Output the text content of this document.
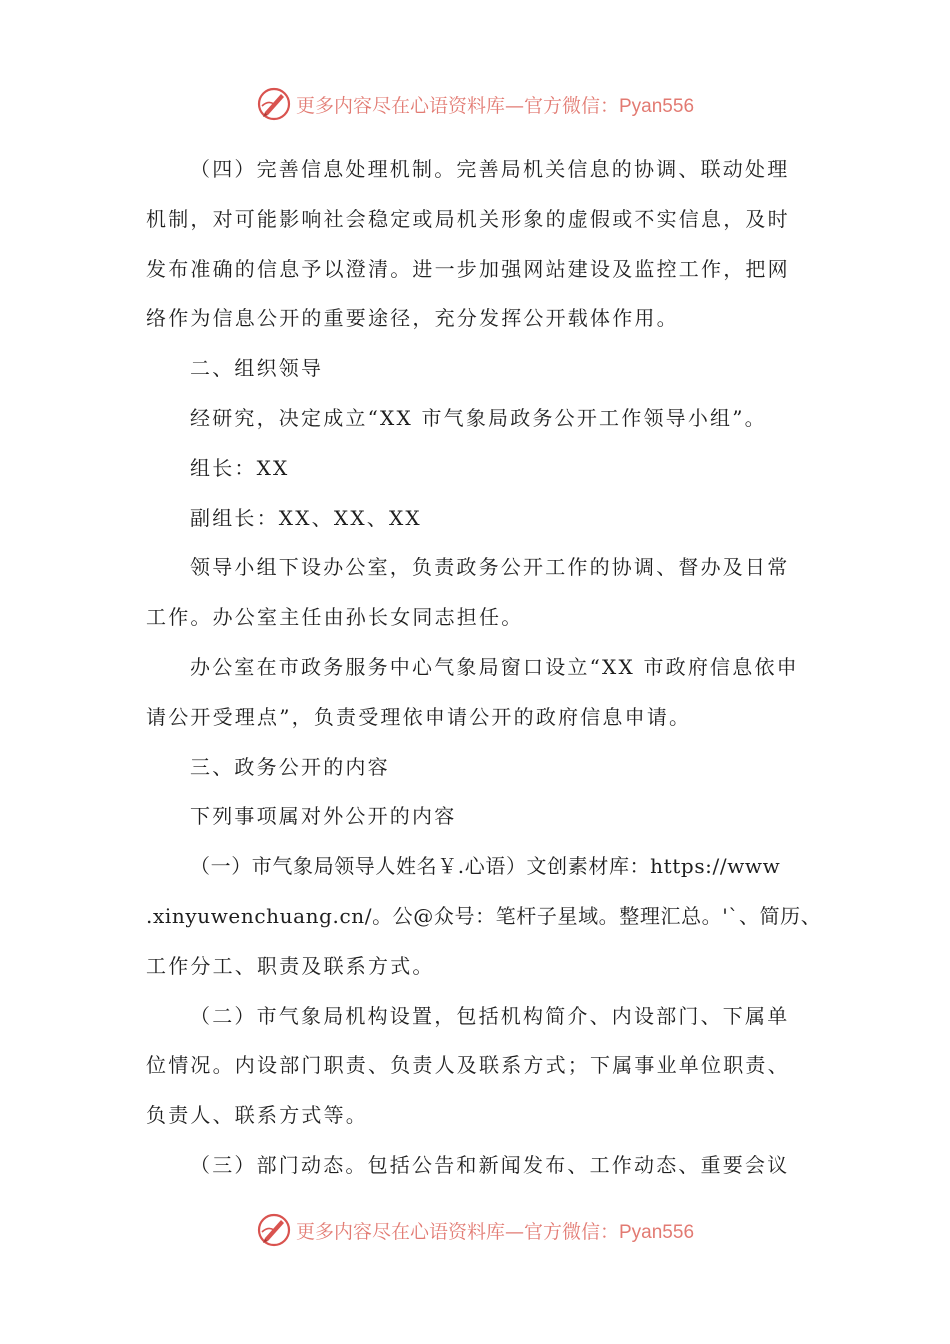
更多内容尽在心语资料库—官方微信：Pyan556
（四）完善信息处理机制。完善局机关信息的协调、联动处理
机制，对可能影响社会稳定或局机关形象的虚假或不实信息，及时
发布准确的信息予以澄清。进一步加强网站建设及监控工作，把网
络作为信息公开的重要途径，充分发挥公开载体作用。
二、组织领导
经研究，决定成立“XX 市气象局政务公开工作领导小组”。
组长：XX
副组长：XX、XX、XX
领导小组下设办公室，负责政务公开工作的协调、督办及日常
工作。办公室主任由孙长女同志担任。
办公室在市政务服务中心气象局窗口设立“XX 市政府信息依申
请公开受理点”，负责受理依申请公开的政府信息申请。
三、政务公开的内容
下列事项属对外公开的内容
（一）市气象局领导人姓名￥.心语）文创素材库：https://www
.xinyuwenchuang.cn/。公@众号：笔杆子星域。整理汇总。'`、简历、
工作分工、职责及联系方式。
（二）市气象局机构设置，包括机构简介、内设部门、下属单
位情况。内设部门职责、负责人及联系方式；下属事业单位职责、
负责人、联系方式等。
（三）部门动态。包括公告和新闻发布、工作动态、重要会议
更多内容尽在心语资料库—官方微信：Pyan556
